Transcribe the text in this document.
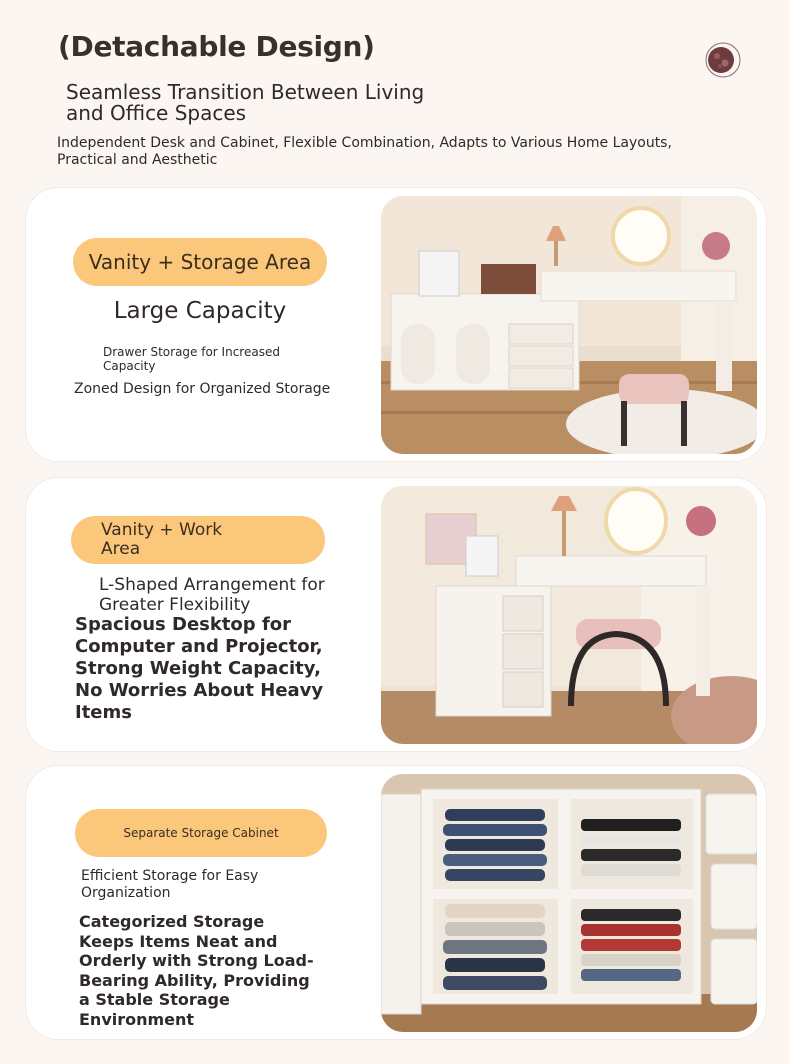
(Detachable Design)
Seamless Transition Between Living and Office Spaces
Independent Desk and Cabinet, Flexible Combination, Adapts to Various Home Layouts, Practical and Aesthetic
Vanity + Storage Area
Large Capacity
Drawer Storage for Increased Capacity
Zoned Design for Organized Storage
Vanity + Work Area
L-Shaped Arrangement for Greater Flexibility
Spacious Desktop for Computer and Projector, Strong Weight Capacity, No Worries About Heavy Items
Separate Storage Cabinet
Efficient Storage for Easy Organization
Categorized Storage Keeps Items Neat and Orderly with Strong Load-Bearing Ability, Providing a Stable Storage Environment
